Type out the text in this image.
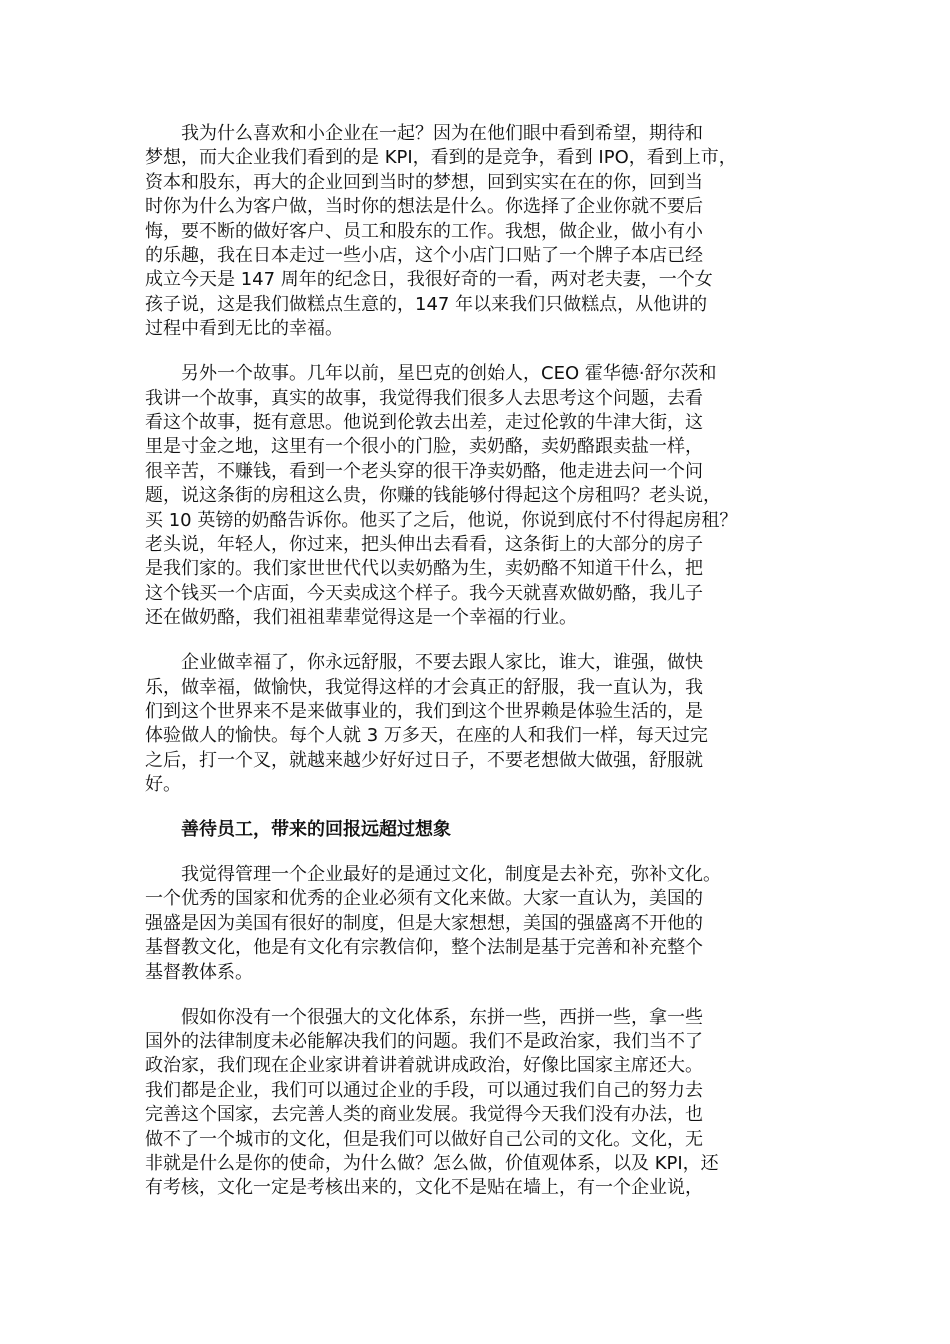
我为什么喜欢和小企业在一起？因为在他们眼中看到希望，期待和
梦想，而大企业我们看到的是 KPI，看到的是竞争，看到 IPO，看到上市，
资本和股东，再大的企业回到当时的梦想，回到实实在在的你，回到当
时你为什么为客户做，当时你的想法是什么。你选择了企业你就不要后
悔，要不断的做好客户、员工和股东的工作。我想，做企业，做小有小
的乐趣，我在日本走过一些小店，这个小店门口贴了一个牌子本店已经
成立今天是 147 周年的纪念日，我很好奇的一看，两对老夫妻，一个女
孩子说，这是我们做糕点生意的，147 年以来我们只做糕点，从他讲的
过程中看到无比的幸福。
另外一个故事。几年以前，星巴克的创始人，CEO 霍华德·舒尔茨和
我讲一个故事，真实的故事，我觉得我们很多人去思考这个问题，去看
看这个故事，挺有意思。他说到伦敦去出差，走过伦敦的牛津大街，这
里是寸金之地，这里有一个很小的门脸，卖奶酪，卖奶酪跟卖盐一样，
很辛苦，不赚钱，看到一个老头穿的很干净卖奶酪，他走进去问一个问
题，说这条街的房租这么贵，你赚的钱能够付得起这个房租吗？老头说，
买 10 英镑的奶酪告诉你。他买了之后，他说，你说到底付不付得起房租？
老头说，年轻人，你过来，把头伸出去看看，这条街上的大部分的房子
是我们家的。我们家世世代代以卖奶酪为生，卖奶酪不知道干什么，把
这个钱买一个店面，今天卖成这个样子。我今天就喜欢做奶酪，我儿子
还在做奶酪，我们祖祖辈辈觉得这是一个幸福的行业。
企业做幸福了，你永远舒服，不要去跟人家比，谁大，谁强，做快
乐，做幸福，做愉快，我觉得这样的才会真正的舒服，我一直认为，我
们到这个世界来不是来做事业的，我们到这个世界赖是体验生活的，是
体验做人的愉快。每个人就 3 万多天，在座的人和我们一样，每天过完
之后，打一个叉，就越来越少好好过日子，不要老想做大做强，舒服就
好。
善待员工，带来的回报远超过想象
我觉得管理一个企业最好的是通过文化，制度是去补充，弥补文化。
一个优秀的国家和优秀的企业必须有文化来做。大家一直认为，美国的
强盛是因为美国有很好的制度，但是大家想想，美国的强盛离不开他的
基督教文化，他是有文化有宗教信仰，整个法制是基于完善和补充整个
基督教体系。
假如你没有一个很强大的文化体系，东拼一些，西拼一些，拿一些
国外的法律制度未必能解决我们的问题。我们不是政治家，我们当不了
政治家，我们现在企业家讲着讲着就讲成政治，好像比国家主席还大。
我们都是企业，我们可以通过企业的手段，可以通过我们自己的努力去
完善这个国家，去完善人类的商业发展。我觉得今天我们没有办法，也
做不了一个城市的文化，但是我们可以做好自己公司的文化。文化，无
非就是什么是你的使命，为什么做？怎么做，价值观体系，以及 KPI，还
有考核，文化一定是考核出来的，文化不是贴在墙上，有一个企业说，
